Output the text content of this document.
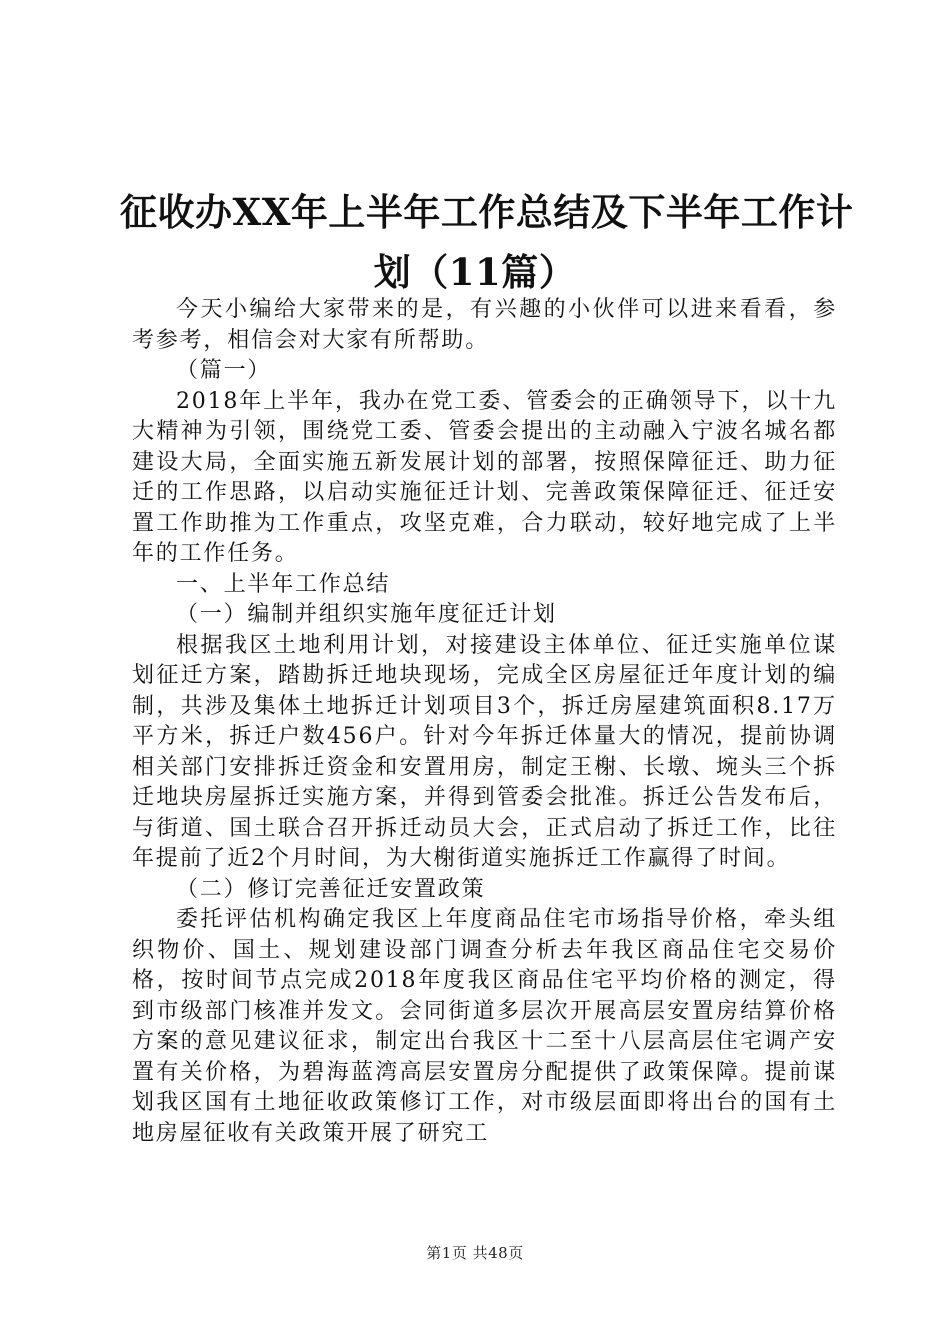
征收办XX年上半年工作总结及下半年工作计
划（11篇）

今天小编给大家带来的是，有兴趣的小伙伴可以进来看看，参考参考，相信会对大家有所帮助。

（篇一）

2018年上半年，我办在党工委、管委会的正确领导下，以十九大精神为引领，围绕党工委、管委会提出的主动融入宁波名城名都建设大局，全面实施五新发展计划的部署，按照保障征迁、助力征迁的工作思路，以启动实施征迁计划、完善政策保障征迁、征迁安置工作助推为工作重点，攻坚克难，合力联动，较好地完成了上半年的工作任务。

一、上半年工作总结

（一）编制并组织实施年度征迁计划

根据我区土地利用计划，对接建设主体单位、征迁实施单位谋划征迁方案，踏勘拆迁地块现场，完成全区房屋征迁年度计划的编制，共涉及集体土地拆迁计划项目3个，拆迁房屋建筑面积8.17万平方米，拆迁户数456户。针对今年拆迁体量大的情况，提前协调相关部门安排拆迁资金和安置用房，制定王榭、长墩、埦头三个拆迁地块房屋拆迁实施方案，并得到管委会批准。拆迁公告发布后，与街道、国土联合召开拆迁动员大会，正式启动了拆迁工作，比往年提前了近2个月时间，为大榭街道实施拆迁工作赢得了时间。

（二）修订完善征迁安置政策

委托评估机构确定我区上年度商品住宅市场指导价格，牵头组织物价、国土、规划建设部门调查分析去年我区商品住宅交易价格，按时间节点完成2018年度我区商品住宅平均价格的测定，得到市级部门核准并发文。会同街道多层次开展高层安置房结算价格方案的意见建议征求，制定出台我区十二至十八层高层住宅调产安置有关价格，为碧海蓝湾高层安置房分配提供了政策保障。提前谋划我区国有土地征收政策修订工作，对市级层面即将出台的国有土地房屋征收有关政策开展了研究工

第1页 共48页
